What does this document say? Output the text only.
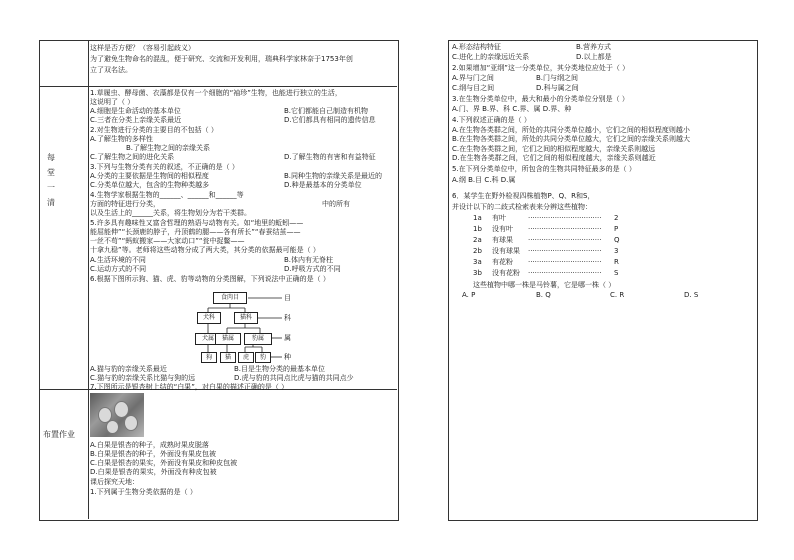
每堂一清
布置作业
这样是否方便？（容易引起歧义）
为了避免生物命名的混乱，便于研究、交流和开发利用，瑞典科学家林奈于1753年创
立了双名法。
1.草履虫、酵母菌、衣藻都是仅有一个细胞的“袖珍”生物，也能进行独立的生活，
这说明了（ ）
A.细胞是生命活动的基本单位	B.它们都能自己制造有机物
C.三者在分类上亲缘关系最近	D.它们都具有相同的遗传信息
2.对生物进行分类的主要目的不包括（ ）
A.了解生物的多样性
B.了解生物之间的亲缘关系
C.了解生物之间的进化关系	D.了解生物的有害和有益特征
3.下列与生物分类有关的叙述，不正确的是（ ）
A.分类的主要依据是生物间的相似程度	B.同种生物的亲缘关系是最近的
C.分类单位越大，包含的生物种类越多	D.种是最基本的分类单位
4.生物学家根据生物的______、______和______等
方面的特征进行分类，	中的所有
以及生活上的______关系，将生物划分为若干类群。
5.许多具有趣味性又富含哲理的熟语与动物有关。如“地里的蚯蚓——
能屈能伸”“长颈鹿的脖子，丹顶鹤的腿——各有所长”“春蚕结茧——
一丝不苟”“蚂蚁搬家——大家动口”“瓮中捉鳖——
十拿九稳”等。老师将这些动物分成了两大类，其分类的依据最可能是（ ）
A.生活环境的不同	B.体内有无脊柱
C.运动方式的不同	D.呼吸方式的不同
6.根据下图所示狗、猫、虎、豹等动物的分类图解，下列说法中正确的是（ ）
食肉目
犬科	猫科
犬属	猫属	豹属
狗	猫	虎	豹
目
科
属
种
A.猫与豹的亲缘关系最近	B.目是生物分类的最基本单位
C.猫与豹的亲缘关系比猫与狗的远	D.虎与豹的共同点比虎与猫的共同点少
7.下图所示是银杏树上结的“白果”，对白果的描述正确的是（ ）
A.白果是银杏的种子，成熟时果皮脱落
B.白果是银杏的种子，外面没有果皮包被
C.白果是银杏的果实，外面没有果皮和种皮包被
D.白果是银杏的果实，外面没有种皮包被
课后探究天地：
1.下列属于生物分类依据的是（ ）
A.形态结构特征	B.营养方式
C.进化上的亲缘远近关系	D.以上都是
2.如果增加“亚纲”这一分类单位，其分类地位应处于（ ）
A.界与门之间	B.门与纲之间
C.纲与目之间	D.科与属之间
3.在生物分类单位中，最大和最小的分类单位分别是（ ）
A.门、界 B.界、科 C.界、属 D.界、种
4.下列叙述正确的是（ ）
A.在生物各类群之间，所处的共同分类单位越小，它们之间的相似程度则越小
B.在生物各类群之间，所处的共同分类单位越大，它们之间的亲缘关系则越大
C.在生物各类群之间，它们之间的相似程度越大，亲缘关系则越远
D.在生物各类群之间，它们之间的相似程度越大，亲缘关系则越近
5.在下列分类单位中，所包含的生物共同特征最多的是（ ）
A.纲 B.目 C.科 D.属
6．某学生在野外检视四株植物P、Q、R和S，
并设计以下的二歧式检索表来分辨这些植物：
1a 有叶	································· 2
1b 没有叶 ································· P
2a 有球果 ································· Q
2b 没有球果 ································· 3
3a 有花粉 ································· R
3b 没有花粉 ································· S
这些植物中哪一株是马铃薯，它是哪一株（ ）
A. P	B. Q	C. R	D. S
